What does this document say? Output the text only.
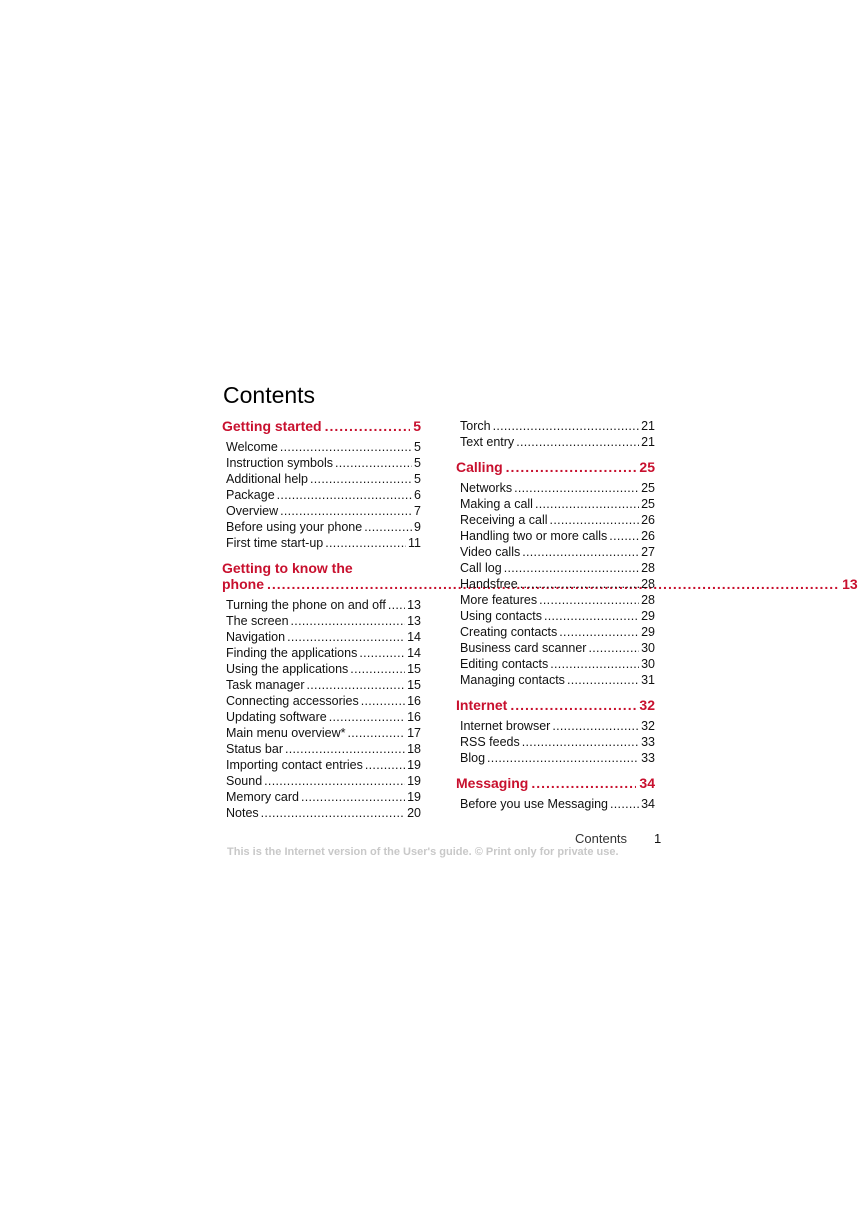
Contents
Getting started .....	5
Welcome .....	5
Instruction symbols .....	5
Additional help .....	5
Package .....	6
Overview .....	7
Before using your phone .....	9
First time start-up .....	11
Getting to know the
phone .....	13
Turning the phone on and off ..... 13
The screen .....	13
Navigation .....	14
Finding the applications .....	14
Using the applications .....	15
Task manager .....	15
Connecting accessories .....	16
Updating software .....	16
Main menu overview* .....	17
Status bar .....	18
Importing contact entries .....	19
Sound .....	19
Memory card .....	19
Notes .....	20
Torch .....	21
Text entry .....	21
Calling .....	25
Networks .....	25
Making a call .....	25
Receiving a call .....	26
Handling two or more calls .....	26
Video calls .....	27
Call log .....	28
Handsfree .....	28
More features .....	28
Using contacts .....	29
Creating contacts .....	29
Business card scanner .....	30
Editing contacts .....	30
Managing contacts .....	31
Internet .....	32
Internet browser .....	32
RSS feeds .....	33
Blog .....	33
Messaging .....	34
Before you use Messaging .....	34
Contents 1
This is the Internet version of the User's guide. © Print only for private use.
